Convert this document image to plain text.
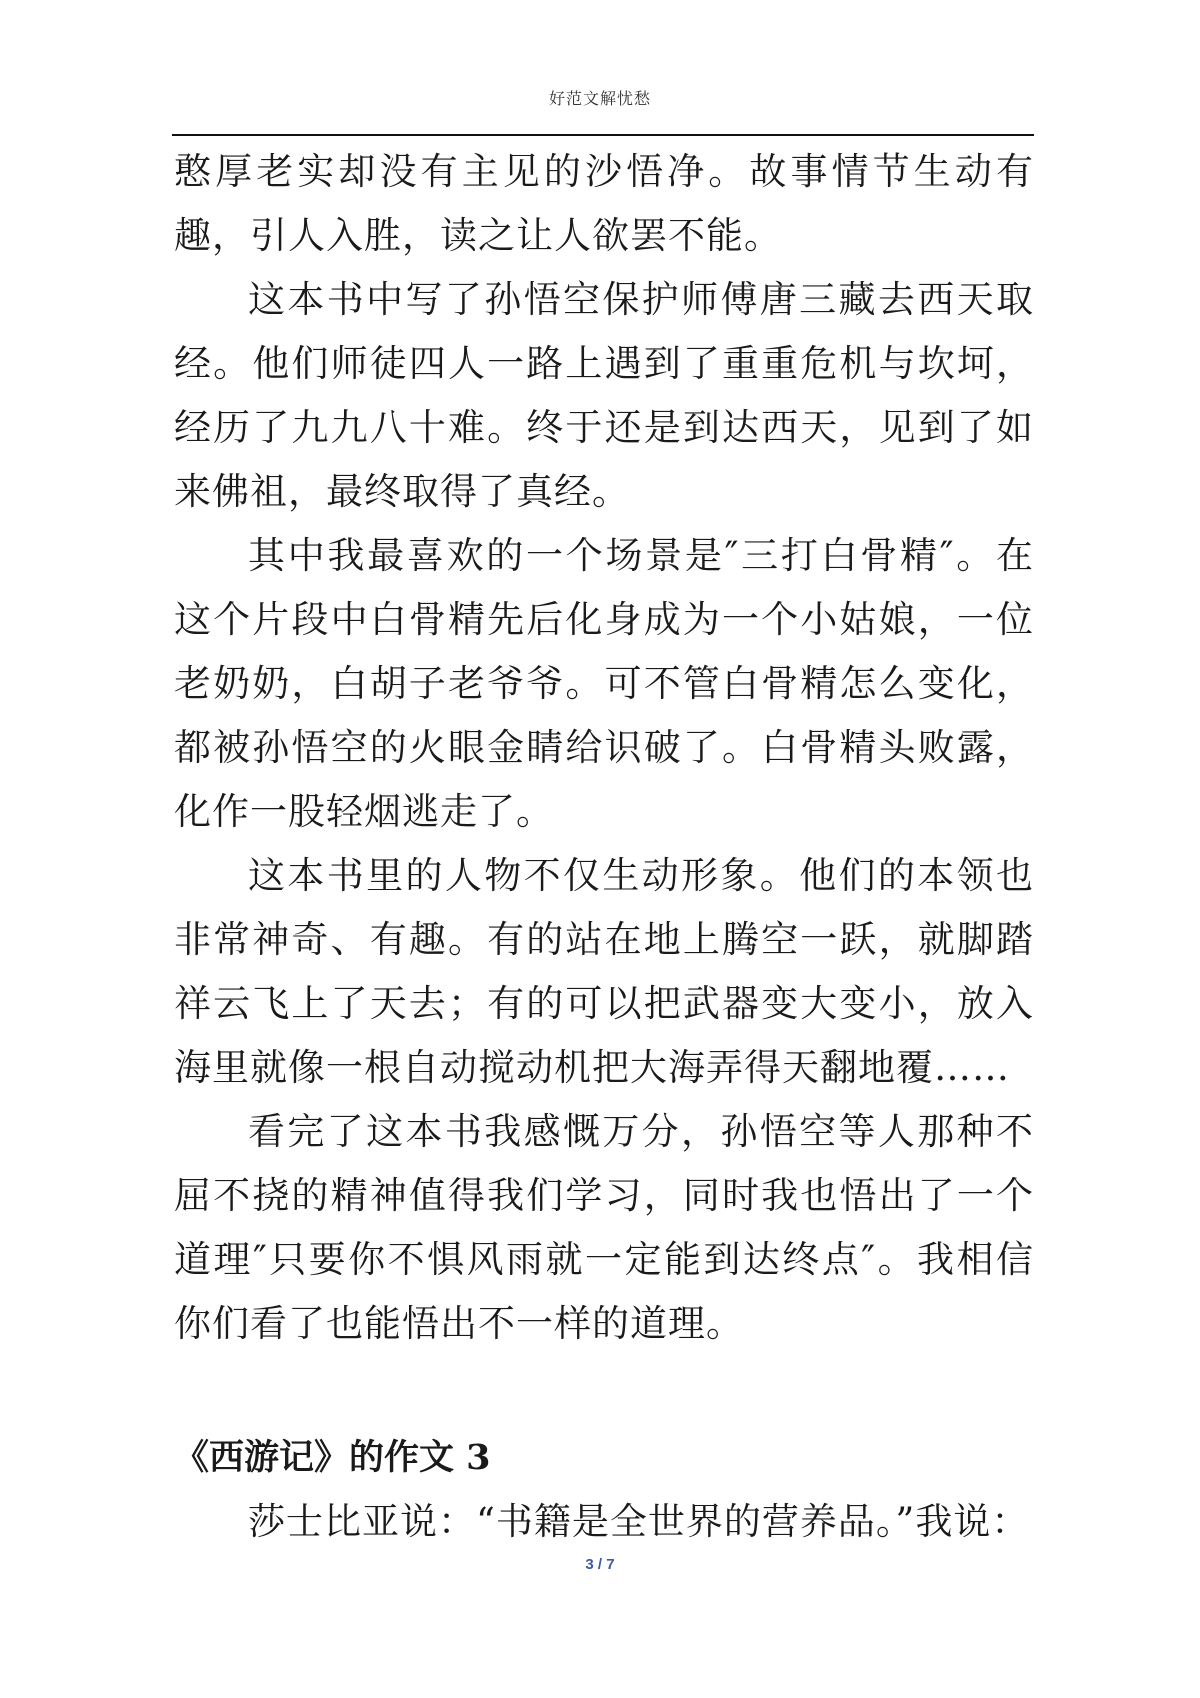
好范文解忧愁

憨厚老实却没有主见的沙悟净。故事情节生动有趣，引人入胜，读之让人欲罢不能。

这本书中写了孙悟空保护师傅唐三藏去西天取经。他们师徒四人一路上遇到了重重危机与坎坷，经历了九九八十难。终于还是到达西天，见到了如来佛祖，最终取得了真经。

其中我最喜欢的一个场景是″三打白骨精″。在这个片段中白骨精先后化身成为一个小姑娘，一位老奶奶，白胡子老爷爷。可不管白骨精怎么变化，都被孙悟空的火眼金睛给识破了。白骨精头败露，化作一股轻烟逃走了。

这本书里的人物不仅生动形象。他们的本领也非常神奇、有趣。有的站在地上腾空一跃，就脚踏祥云飞上了天去；有的可以把武器变大变小，放入海里就像一根自动搅动机把大海弄得天翻地覆……

看完了这本书我感慨万分，孙悟空等人那种不屈不挠的精神值得我们学习，同时我也悟出了一个道理″只要你不惧风雨就一定能到达终点″。我相信你们看了也能悟出不一样的道理。

《西游记》的作文 3

莎士比亚说：“书籍是全世界的营养品。”我说：

3 / 7
